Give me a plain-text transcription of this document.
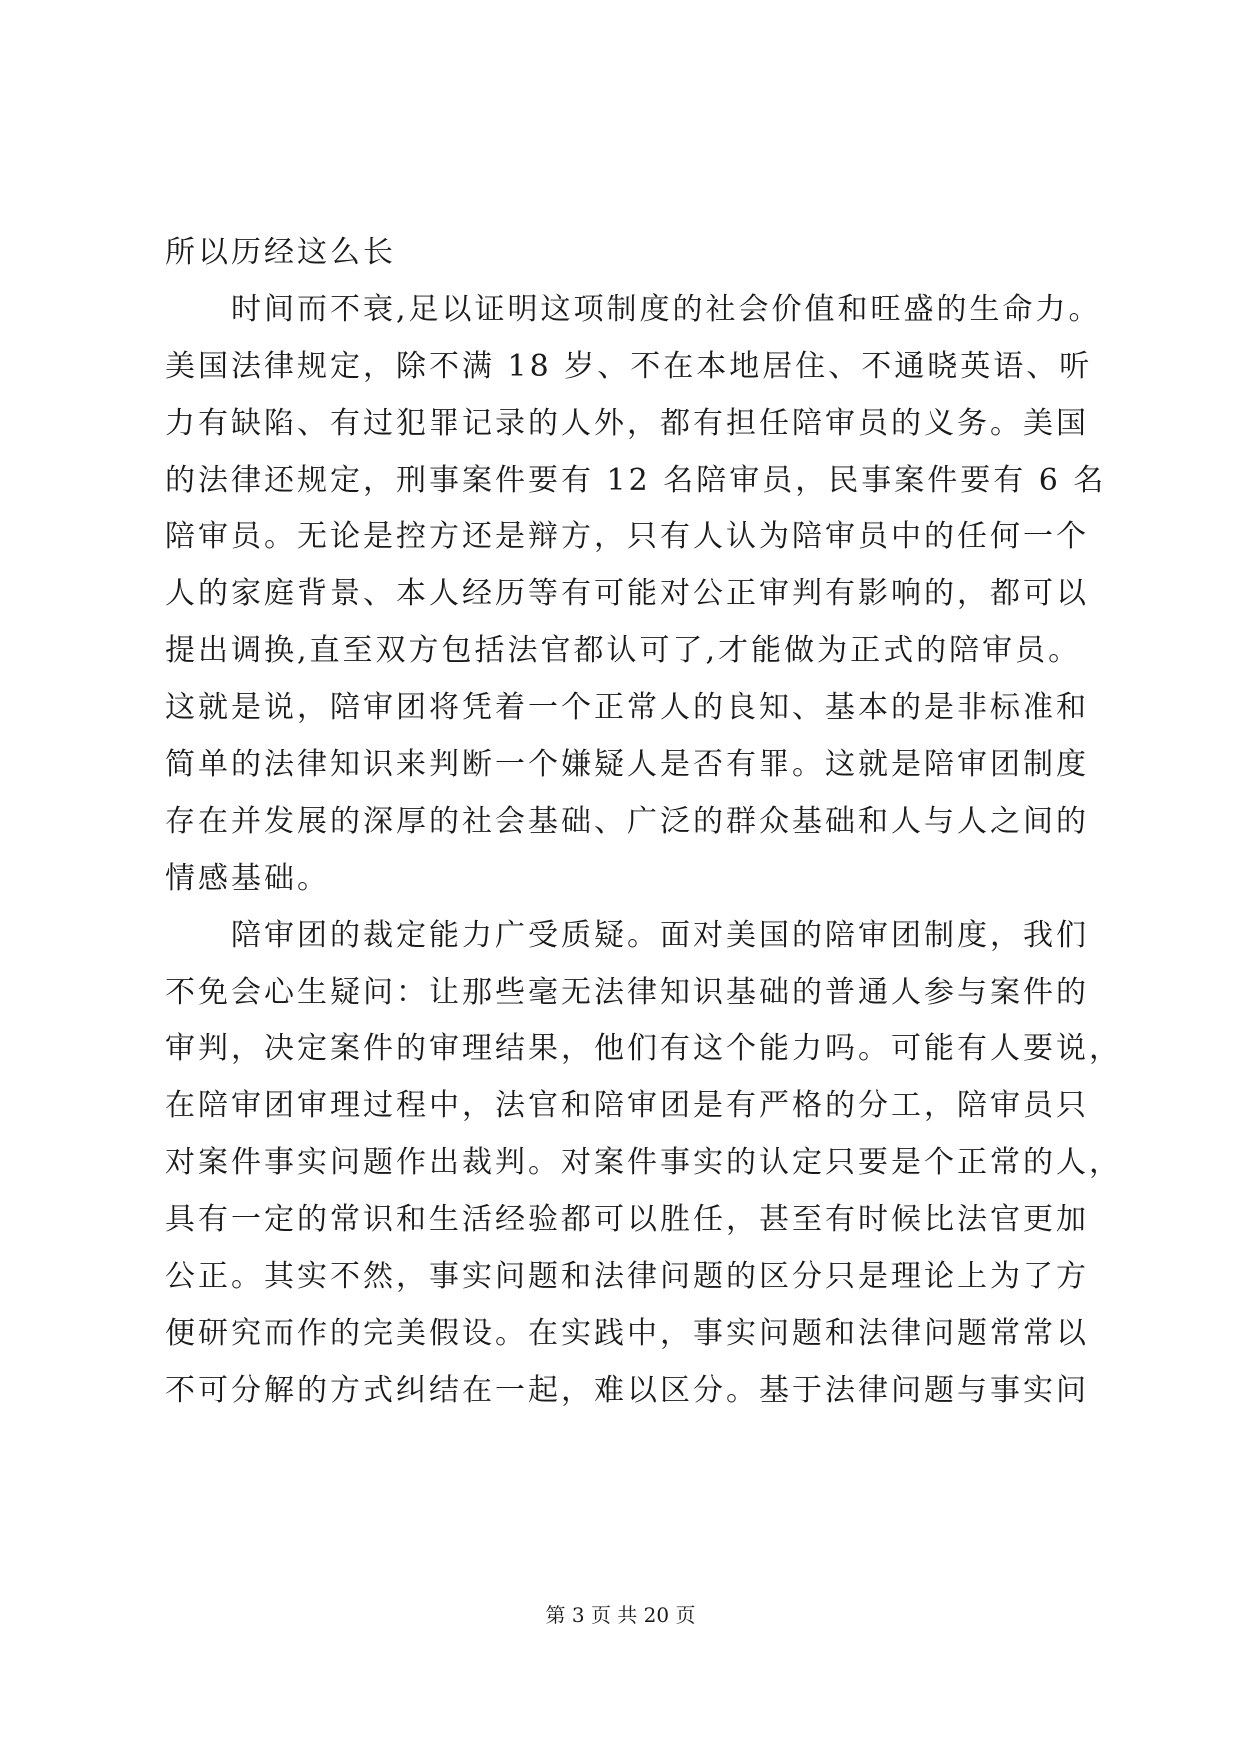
所以历经这么长
时间而不衰,足以证明这项制度的社会价值和旺盛的生命力。
美国法律规定，除不满 18 岁、不在本地居住、不通晓英语、听
力有缺陷、有过犯罪记录的人外，都有担任陪审员的义务。美国
的法律还规定，刑事案件要有 12 名陪审员，民事案件要有 6 名
陪审员。无论是控方还是辩方，只有人认为陪审员中的任何一个
人的家庭背景、本人经历等有可能对公正审判有影响的，都可以
提出调换,直至双方包括法官都认可了,才能做为正式的陪审员。
这就是说，陪审团将凭着一个正常人的良知、基本的是非标准和
简单的法律知识来判断一个嫌疑人是否有罪。这就是陪审团制度
存在并发展的深厚的社会基础、广泛的群众基础和人与人之间的
情感基础。
陪审团的裁定能力广受质疑。面对美国的陪审团制度，我们
不免会心生疑问：让那些毫无法律知识基础的普通人参与案件的
审判，决定案件的审理结果，他们有这个能力吗。可能有人要说，
在陪审团审理过程中，法官和陪审团是有严格的分工，陪审员只
对案件事实问题作出裁判。对案件事实的认定只要是个正常的人，
具有一定的常识和生活经验都可以胜任，甚至有时候比法官更加
公正。其实不然，事实问题和法律问题的区分只是理论上为了方
便研究而作的完美假设。在实践中，事实问题和法律问题常常以
不可分解的方式纠结在一起，难以区分。基于法律问题与事实问
第 3 页 共 20 页
